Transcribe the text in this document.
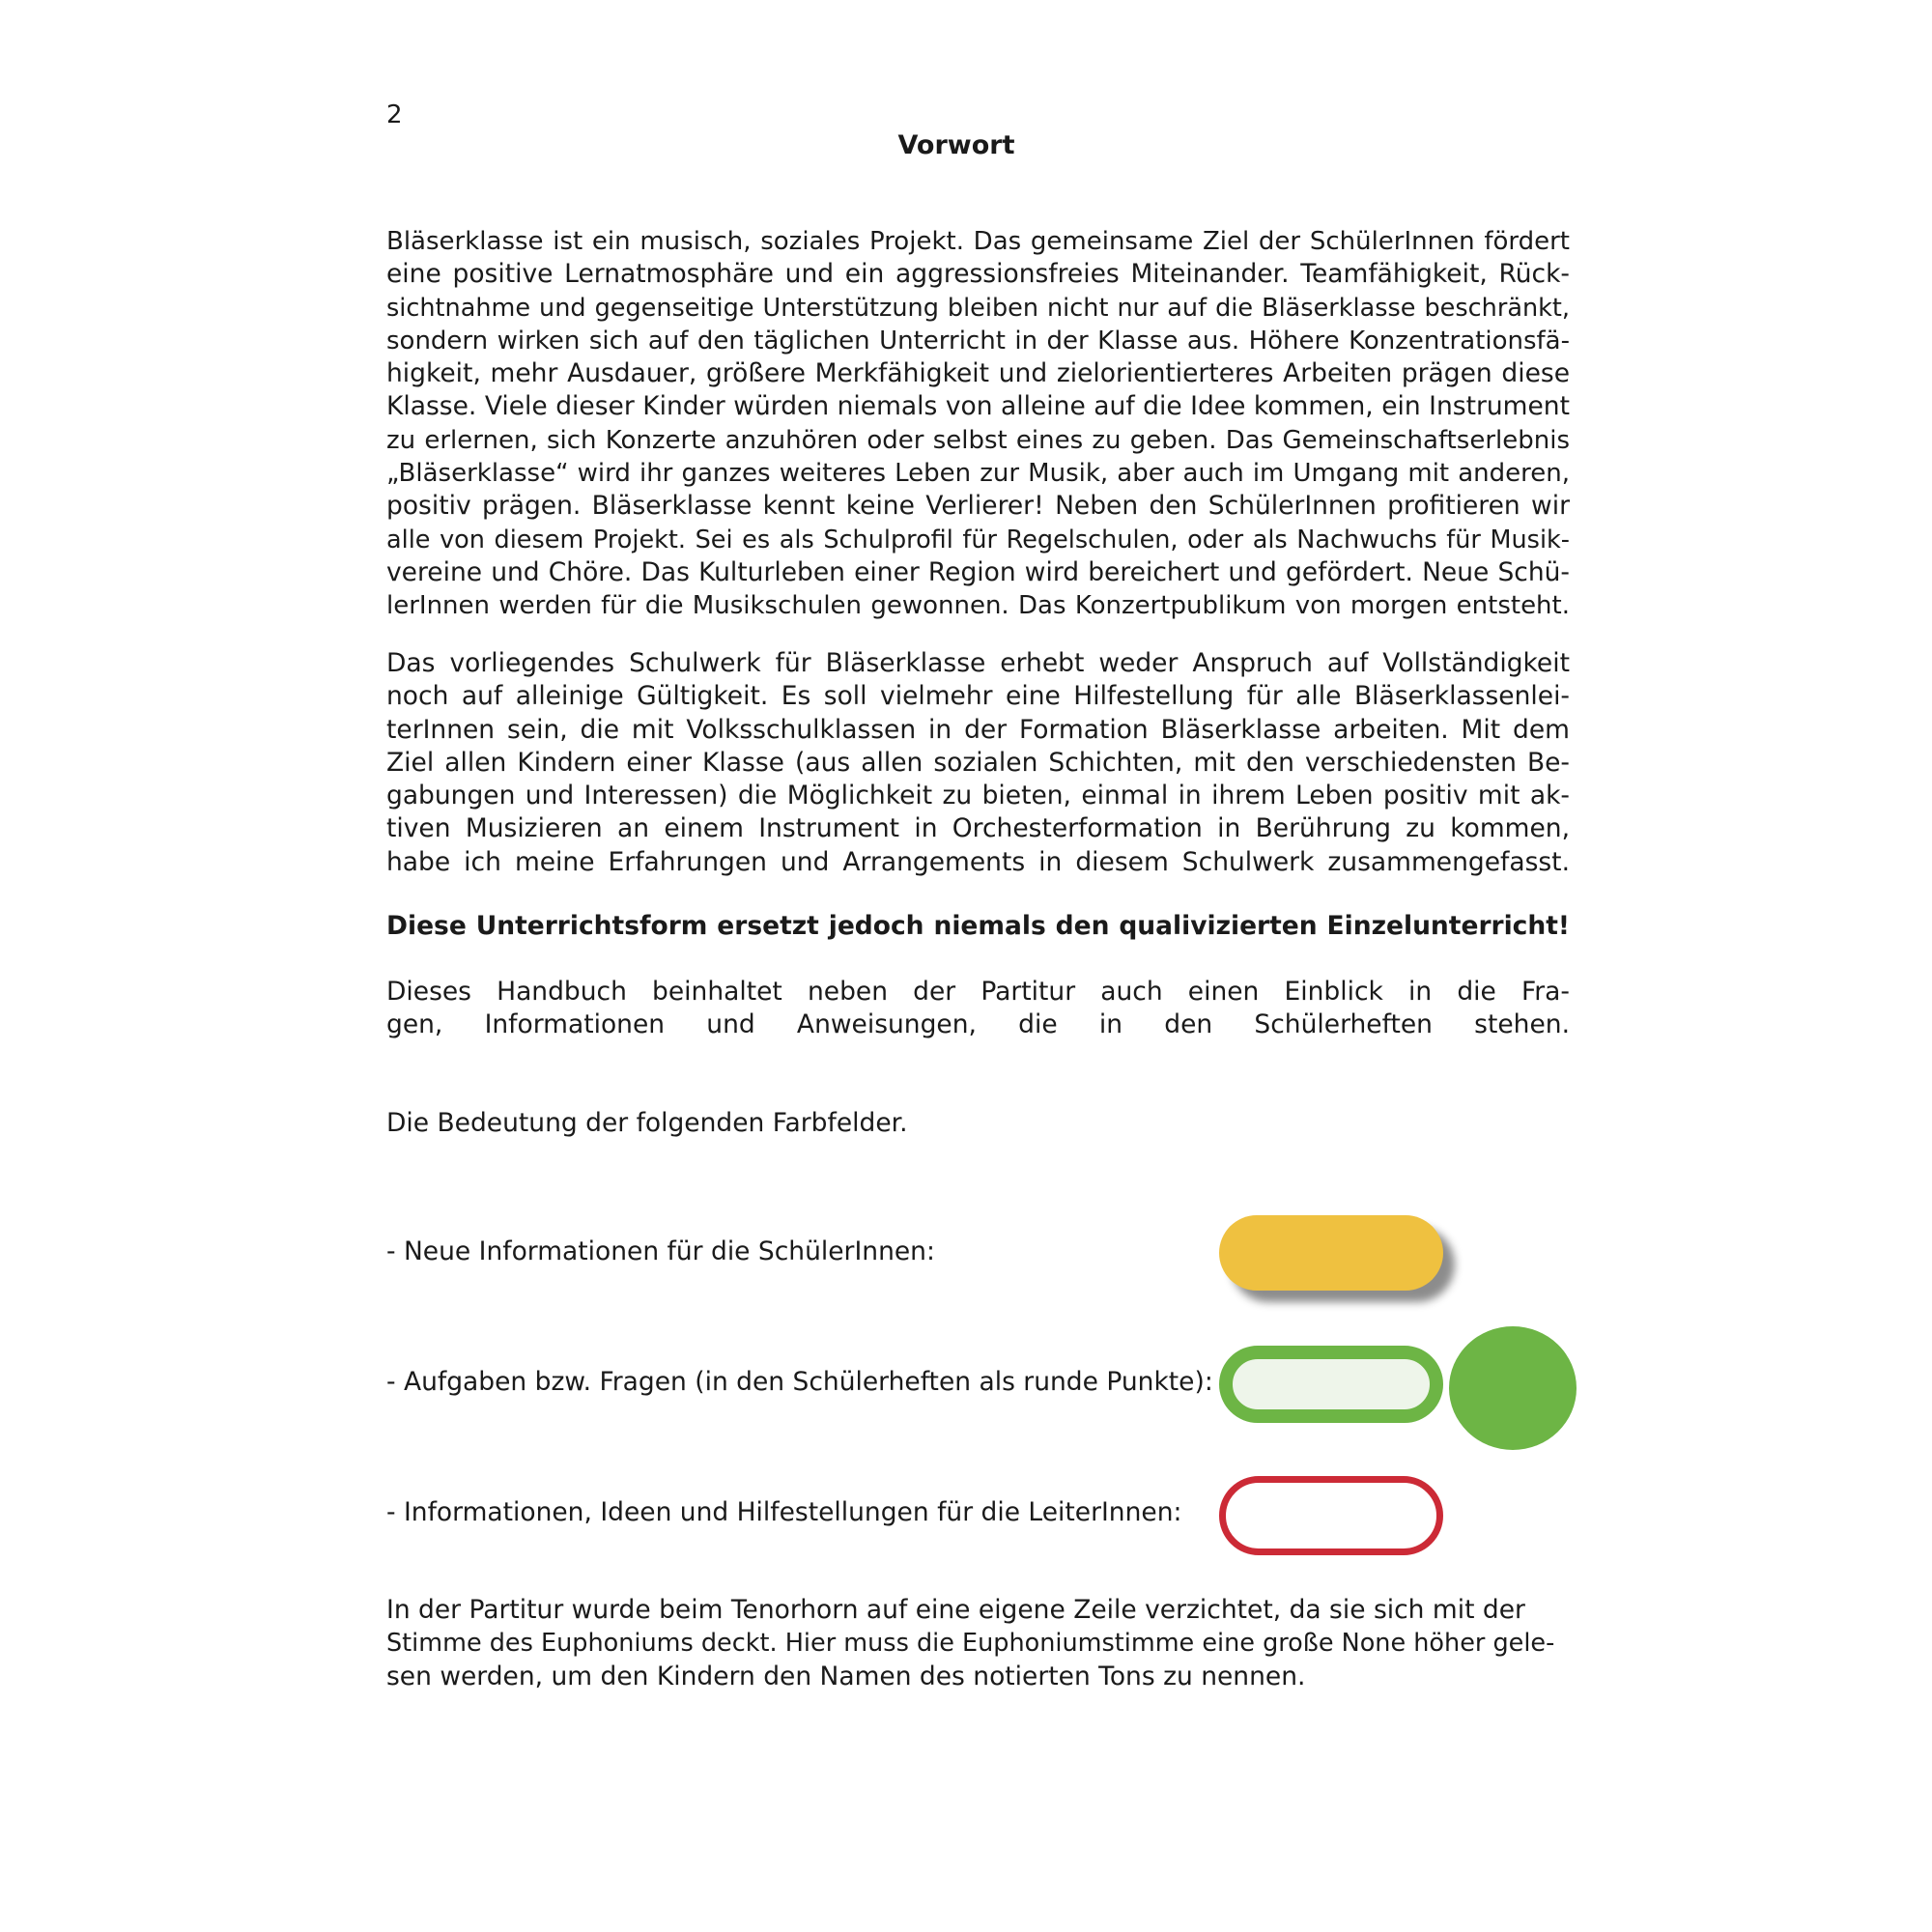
2
Vorwort
Bläserklasse ist ein musisch, soziales Projekt. Das gemeinsame Ziel der SchülerInnen fördert
eine positive Lernatmosphäre und ein aggressionsfreies Miteinander. Teamfähigkeit, Rück-
sichtnahme und gegenseitige Unterstützung bleiben nicht nur auf die Bläserklasse beschränkt,
sondern wirken sich auf den täglichen Unterricht in der Klasse aus. Höhere Konzentrationsfä-
higkeit, mehr Ausdauer, größere Merkfähigkeit und zielorientierteres Arbeiten prägen diese
Klasse. Viele dieser Kinder würden niemals von alleine auf die Idee kommen, ein Instrument
zu erlernen, sich Konzerte anzuhören oder selbst eines zu geben. Das Gemeinschaftserlebnis
„Bläserklasse“ wird ihr ganzes weiteres Leben zur Musik, aber auch im Umgang mit anderen,
positiv prägen. Bläserklasse kennt keine Verlierer! Neben den SchülerInnen profitieren wir
alle von diesem Projekt. Sei es als Schulprofil für Regelschulen, oder als Nachwuchs für Musik-
vereine und Chöre. Das Kulturleben einer Region wird bereichert und gefördert. Neue Schü-
lerInnen werden für die Musikschulen gewonnen. Das Konzertpublikum von morgen entsteht.
Das vorliegendes Schulwerk für Bläserklasse erhebt weder Anspruch auf Vollständigkeit
noch auf alleinige Gültigkeit. Es soll vielmehr eine Hilfestellung für alle Bläserklassenlei-
terInnen sein, die mit Volksschulklassen in der Formation Bläserklasse arbeiten. Mit dem
Ziel allen Kindern einer Klasse (aus allen sozialen Schichten, mit den verschiedensten Be-
gabungen und Interessen) die Möglichkeit zu bieten, einmal in ihrem Leben positiv mit ak-
tiven Musizieren an einem Instrument in Orchesterformation in Berührung zu kommen,
habe ich meine Erfahrungen und Arrangements in diesem Schulwerk zusammengefasst.
Diese Unterrichtsform ersetzt jedoch niemals den qualivizierten Einzelunterricht!
Dieses Handbuch beinhaltet neben der Partitur auch einen Einblick in die Fra-
gen, Informationen und Anweisungen, die in den Schülerheften stehen.
Die Bedeutung der folgenden Farbfelder.
- Neue Informationen für die SchülerInnen:
- Aufgaben bzw. Fragen (in den Schülerheften als runde Punkte):
- Informationen, Ideen und Hilfestellungen für die LeiterInnen:
In der Partitur wurde beim Tenorhorn auf eine eigene Zeile verzichtet, da sie sich mit der
Stimme des Euphoniums deckt. Hier muss die Euphoniumstimme eine große None höher gele-
sen werden, um den Kindern den Namen des notierten Tons zu nennen.
